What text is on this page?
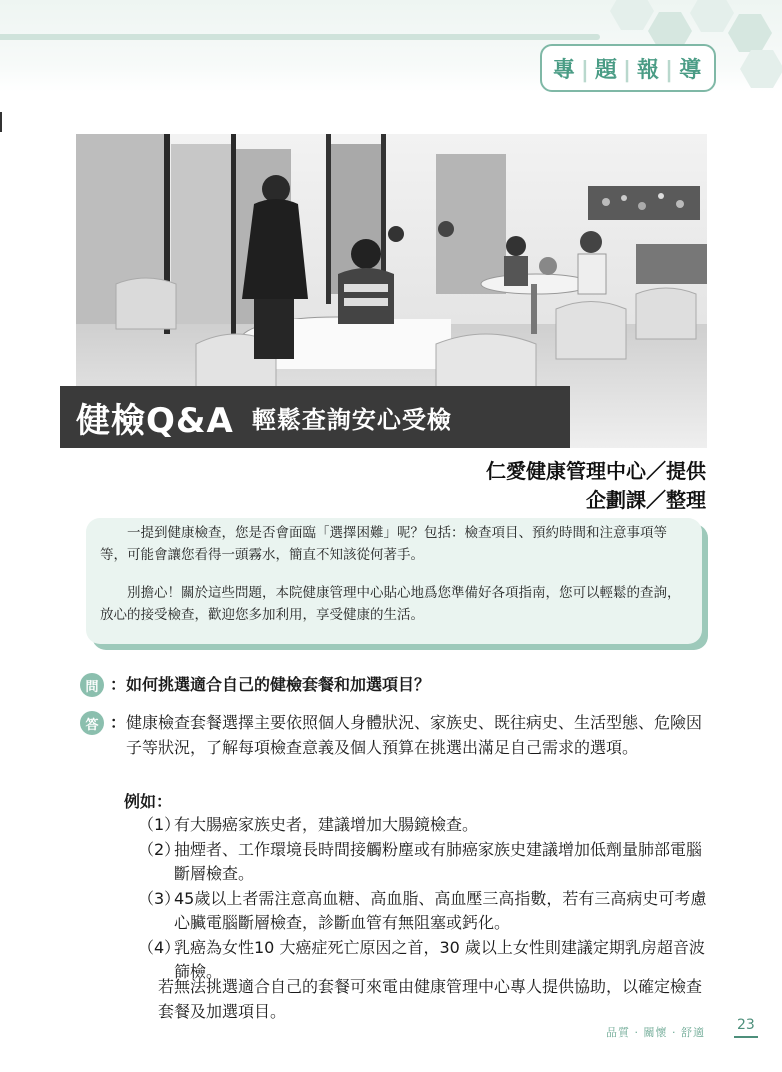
專 | 題 | 報 | 導
健檢Q&A 輕鬆查詢安心受檢
仁愛健康管理中心／提供
企劃課／整理

一提到健康檢查，您是否會面臨「選擇困難」呢？包括：檢查項目、預約時間和注意事項等等，可能會讓您看得一頭霧水，簡直不知該從何著手。

別擔心！關於這些問題，本院健康管理中心貼心地爲您準備好各項指南，您可以輕鬆的查詢，放心的接受檢查，歡迎您多加利用，享受健康的生活。

問 ：如何挑選適合自己的健檢套餐和加選項目？
答 ： 健康檢查套餐選擇主要依照個人身體狀況、家族史、既往病史、生活型態、危險因子等狀況，了解每項檢查意義及個人預算在挑選出滿足自己需求的選項。
例如：
（1）
有大腸癌家族史者，建議增加大腸鏡檢查。
（2）
抽煙者、工作環境長時間接觸粉塵或有肺癌家族史建議增加低劑量肺部電腦斷層檢查。
（3）
45歲以上者需注意高血糖、高血脂、高血壓三高指數，若有三高病史可考慮心臟電腦斷層檢查，診斷血管有無阻塞或鈣化。
（4）
乳癌為女性10 大癌症死亡原因之首，30 歲以上女性則建議定期乳房超音波篩檢。
若無法挑選適合自己的套餐可來電由健康管理中心專人提供協助，以確定檢查套餐及加選項目。
品質 · 關懷 · 舒適 23
